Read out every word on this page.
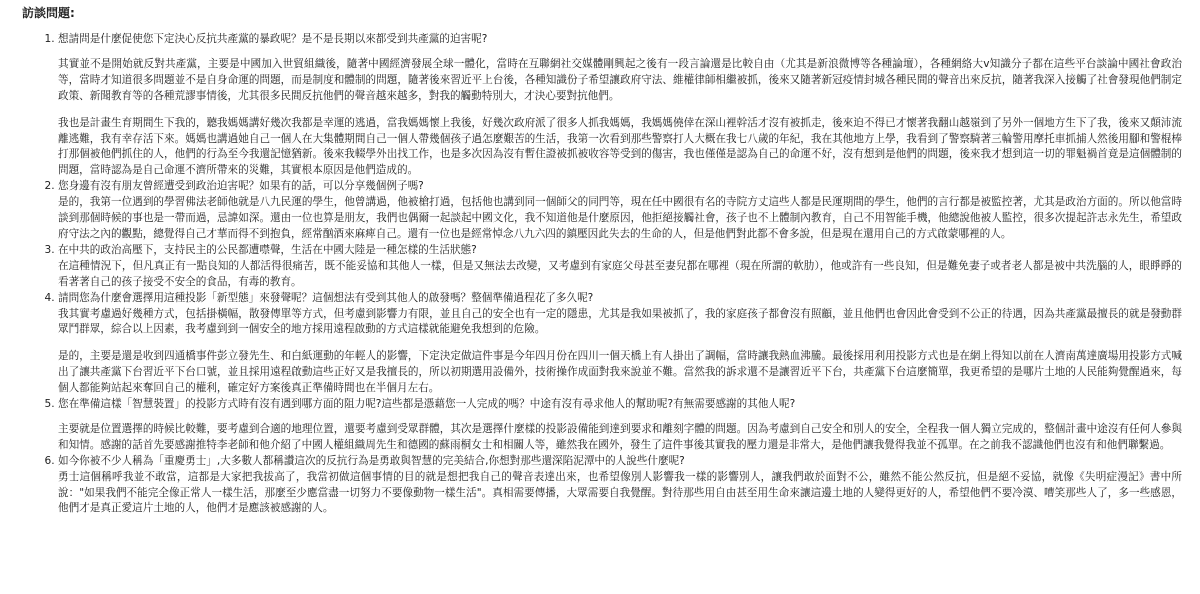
訪談問題:

1. 想請問是什麼促使您下定決心反抗共產黨的暴政呢？是不是長期以來都受到共產黨的迫害呢?

其實並不是開始就反對共產黨，主要是中國加入世貿組織後，隨著中國經濟發展全球一體化，當時在互聯網社交媒體剛興起之後有一段言論還是比較自由（尤其是新浪微博等各種論壇），各種網絡大v知識分子都在這些平台談論中國社會政治等，當時才知道很多問題並不是自身命運的問題，而是制度和體制的問題，隨著後來習近平上台後，各種知識份子希望讓政府守法、維權律師相繼被抓，後來又隨著新冠疫情封城各種民間的聲音出來反抗，隨著我深入接觸了社會發現他們制定政策、新聞教育等的各種荒謬事情後，尤其很多民間反抗他們的聲音越來越多，對我的觸動特別大，才決心要對抗他們。

我也是計畫生育期間生下我的，聽我媽媽講好幾次我都是幸運的逃過，當我媽媽懷上我後，好幾次政府派了很多人抓我媽媽，我媽媽僥倖在深山裡幹活才沒有被抓走，後來迫不得已才懷著我翻山越嶺到了另外一個地方生下了我，後來又顛沛流離逃難，我有幸存活下來。媽媽也講過她自己一個人在大集體期間自己一個人帶幾個孩子過怎麼艱苦的生活，我第一次看到那些警察打人大概在我七八歲的年紀，我在其他地方上學，我看到了警察騎著三輪警用摩托車抓捕人然後用腳和警棍棒打那個被他們抓住的人，他們的行為至今我還記憶猶新。後來我輟學外出找工作，也是多次因為沒有暫住證被抓被收容等受到的傷害，我也僅僅是認為自己的命運不好，沒有想到是他們的問題，後來我才想到這一切的罪魁禍首竟是這個體制的問題，當時認為是自己命運不濟所帶來的災難，其實根本原因是他們造成的。

2. 您身邊有沒有朋友曾經遭受到政治迫害呢？如果有的話，可以分享幾個例子嗎?

是的，我第一位遇到的學習佛法老師他就是八九民運的學生，他曾講過，他被槍打過，包括他也講到同一個師父的同門等，現在任中國很有名的寺院方丈這些人都是民運期間的學生，他們的言行都是被監控著，尤其是政治方面的。所以他當時談到那個時候的事也是一帶而過，忌諱如深。還由一位也算是朋友，我們也偶爾一起談起中國文化，我不知道他是什麼原因，他拒絕接觸社會，孩子也不上體制內教育，自己不用智能手機，他總說他被人監控，很多次提起許志永先生，希望政府守法之內的觀點，總覺得自己才華而得不到抱負，經常酗酒來麻痺自己。還有一位也是經常悼念八九六四的鎮壓因此失去的生命的人，但是他們對此都不會多說，但是現在還用自己的方式啟蒙哪裡的人。

3. 在中共的政治高壓下，支持民主的公民都遭噤聲，生活在中國大陸是一種怎樣的生活狀態?

在這種情況下，但凡真正有一點良知的人都活得很痛苦，既不能妥協和其他人一樣，但是又無法去改變，又考慮到有家庭父母甚至妻兒都在哪裡（現在所謂的軟肋），他或許有一些良知，但是難免妻子或者老人都是被中共洗腦的人，眼睜睜的看著著自己的孩子接受不安全的食品，有毒的教育。

4. 請問您為什麼會選擇用這種投影「新型態」來發聲呢？這個想法有受到其他人的啟發嗎？整個準備過程花了多久呢?

我其實考慮過好幾種方式，包括掛橫幅，散發傳單等方式，但考慮到影響力有限，並且自己的安全也有一定的隱患，尤其是我如果被抓了，我的家庭孩子都會沒有照顧，並且他們也會因此會受到不公正的待遇，因為共產黨最擅長的就是發動群眾鬥群眾，綜合以上因素，我考慮到到一個安全的地方採用遠程啟動的方式這樣就能避免我想到的危險。

是的，主要是還是收到四通橋事件彭立發先生、和白紙運動的年輕人的影響，下定決定做這件事是今年四月份在四川一個天橋上有人掛出了調幅，當時讓我熱血沸騰。最後採用利用投影方式也是在網上得知以前在人濟南萬達廣場用投影方式喊出了讓共產黨下台習近平下台口號，並且採用遠程啟動這些正好又是我擅長的，所以初期選用設備外，技術操作成面對我來說並不難。當然我的訴求還不是讓習近平下台，共產黨下台這麼簡單，我更希望的是哪片土地的人民能夠覺醒過來，每個人都能夠站起來奪回自己的權利，確定好方案後真正準備時間也在半個月左右。

5. 您在準備這樣「智慧裝置」的投影方式時有沒有遇到哪方面的阻力呢?這些都是憑藉您一人完成的嗎？中途有沒有尋求他人的幫助呢?有無需要感謝的其他人呢?

主要就是位置選擇的時候比較難，要考慮到合適的地理位置，還要考慮到受眾群體，其次是選擇什麼樣的投影設備能到達到要求和離刻字體的問題。因為考慮到自己安全和別人的安全，全程我一個人獨立完成的，整個計畫中途沒有任何人參與和知情。感謝的話首先要感謝推特李老師和他介紹了中國人權組織周先生和德國的蘇雨桐女士和相關人等，雖然我在國外，發生了這件事後其實我的壓力還是非常大，是他們讓我覺得我並不孤單。在之前我不認識他們也沒有和他們聯繫過。

6. 如今你被不少人稱為「重慶勇士」,大多數人都稱讚這次的反抗行為是勇敢與智慧的完美結合,你想對那些還深陷泥潭中的人說些什麼呢?

勇士這個稱呼我並不敢當，這都是大家把我拔高了，我當初做這個事情的目的就是想把我自己的聲音表達出來，也希望像別人影響我一樣的影響別人，讓我們敢於面對不公，雖然不能公然反抗，但是絕不妥協，就像《失明症漫記》書中所說："如果我們不能完全像正常人一樣生活，那麼至少應當盡一切努力不要像動物一樣生活"。真相需要傳播，大眾需要自我覺醒。對待那些用自由甚至用生命來讓這邊土地的人變得更好的人，希望他們不要冷漠、嘈笑那些人了，多一些感恩，他們才是真正愛這片土地的人，他們才是應該被感謝的人。
